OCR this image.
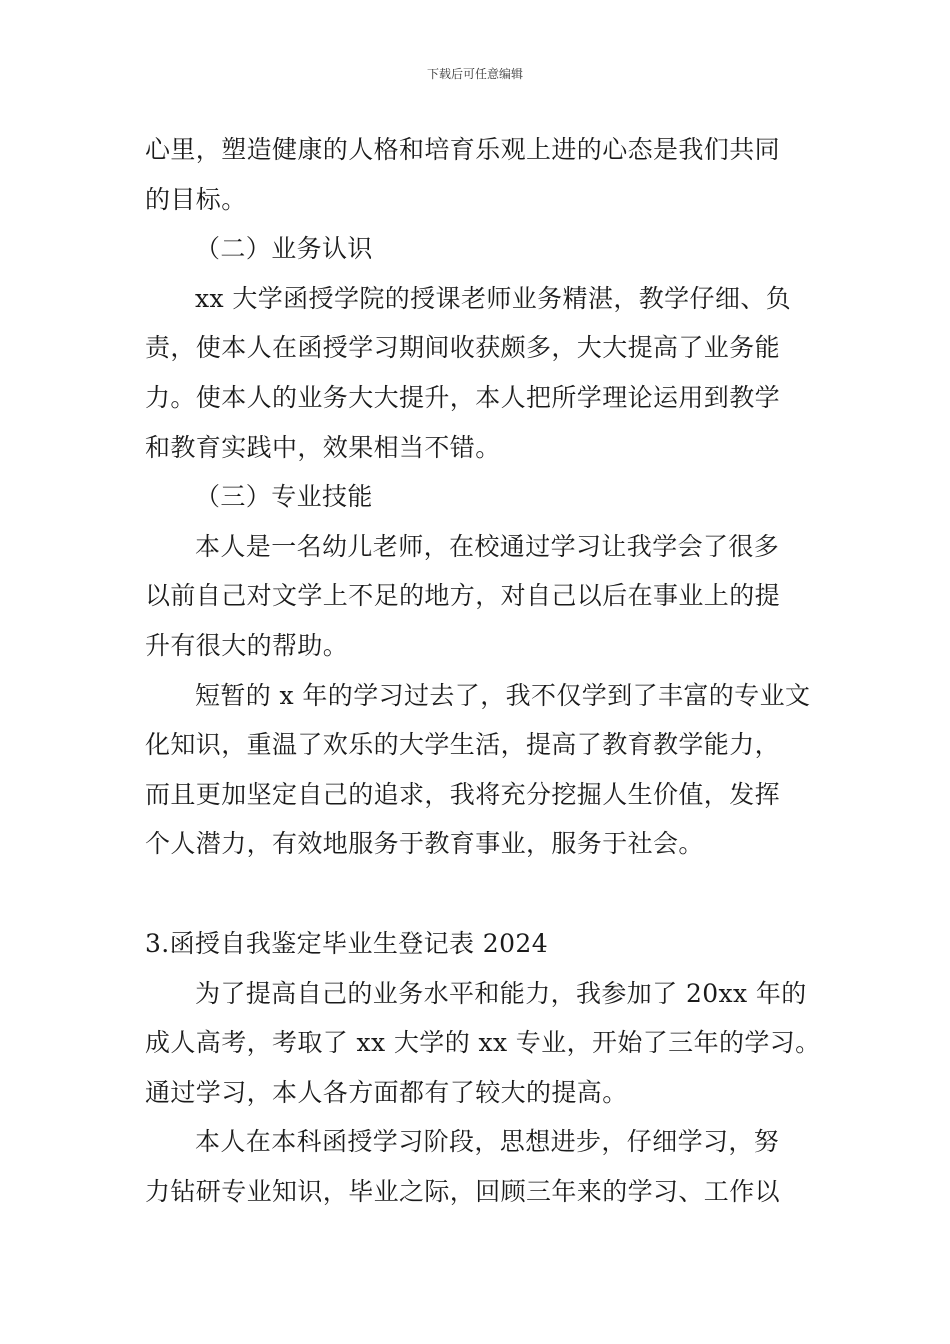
下载后可任意编辑
心里，塑造健康的人格和培育乐观上进的心态是我们共同
的目标。
（二）业务认识
xx 大学函授学院的授课老师业务精湛，教学仔细、负
责，使本人在函授学习期间收获颇多，大大提高了业务能
力。使本人的业务大大提升，本人把所学理论运用到教学
和教育实践中，效果相当不错。
（三）专业技能
本人是一名幼儿老师，在校通过学习让我学会了很多
以前自己对文学上不足的地方，对自己以后在事业上的提
升有很大的帮助。
短暂的 x 年的学习过去了，我不仅学到了丰富的专业文
化知识，重温了欢乐的大学生活，提高了教育教学能力，
而且更加坚定自己的追求，我将充分挖掘人生价值，发挥
个人潜力，有效地服务于教育事业，服务于社会。
3.函授自我鉴定毕业生登记表 2024
为了提高自己的业务水平和能力，我参加了 20xx 年的
成人高考，考取了 xx 大学的 xx 专业，开始了三年的学习。
通过学习，本人各方面都有了较大的提高。
本人在本科函授学习阶段，思想进步，仔细学习，努
力钻研专业知识，毕业之际，回顾三年来的学习、工作以
